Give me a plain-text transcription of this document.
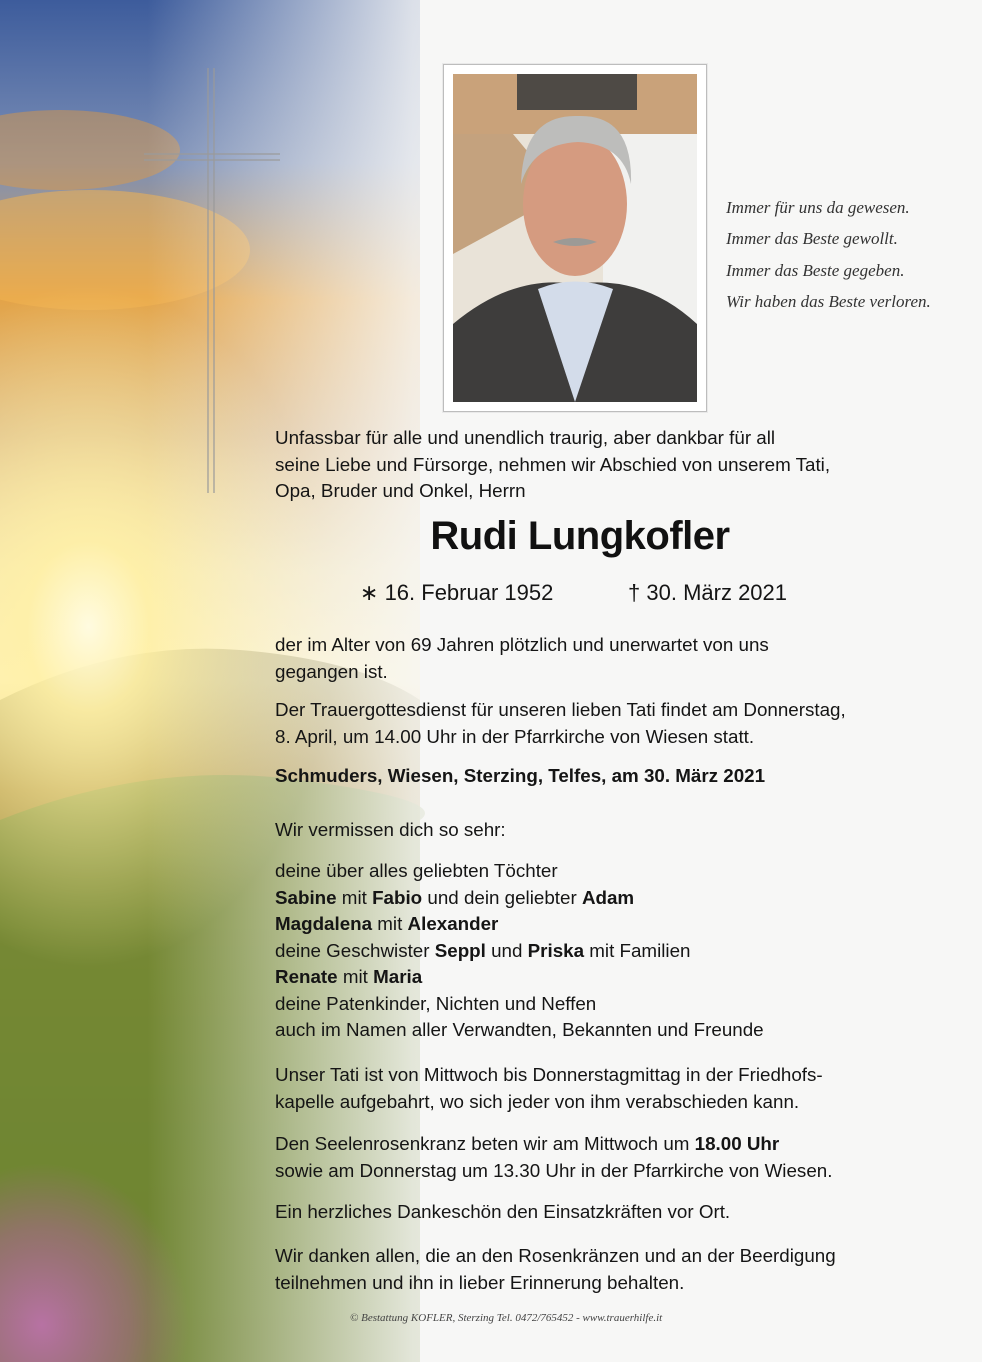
Immer für uns da gewesen.
Immer das Beste gewollt.
Immer das Beste gegeben.
Wir haben das Beste verloren.
Unfassbar für alle und unendlich traurig, aber dankbar für all
seine Liebe und Fürsorge, nehmen wir Abschied von unserem Tati,
Opa, Bruder und Onkel, Herrn
Rudi Lungkofler
∗ 16. Februar 1952	† 30. März 2021
der im Alter von 69 Jahren plötzlich und unerwartet von uns
gegangen ist.
Der Trauergottesdienst für unseren lieben Tati findet am Donnerstag,
8. April, um 14.00 Uhr in der Pfarrkirche von Wiesen statt.
Schmuders, Wiesen, Sterzing, Telfes, am 30. März 2021
Wir vermissen dich so sehr:
deine über alles geliebten Töchter
Sabine mit Fabio und dein geliebter Adam
Magdalena mit Alexander
deine Geschwister Seppl und Priska mit Familien
Renate mit Maria
deine Patenkinder, Nichten und Neffen
auch im Namen aller Verwandten, Bekannten und Freunde
Unser Tati ist von Mittwoch bis Donnerstagmittag in der Friedhofs-
kapelle aufgebahrt, wo sich jeder von ihm verabschieden kann.
Den Seelenrosenkranz beten wir am Mittwoch um 18.00 Uhr
sowie am Donnerstag um 13.30 Uhr in der Pfarrkirche von Wiesen.
Ein herzliches Dankeschön den Einsatzkräften vor Ort.
Wir danken allen, die an den Rosenkränzen und an der Beerdigung
teilnehmen und ihn in lieber Erinnerung behalten.
© Bestattung KOFLER, Sterzing Tel. 0472/765452 - www.trauerhilfe.it
